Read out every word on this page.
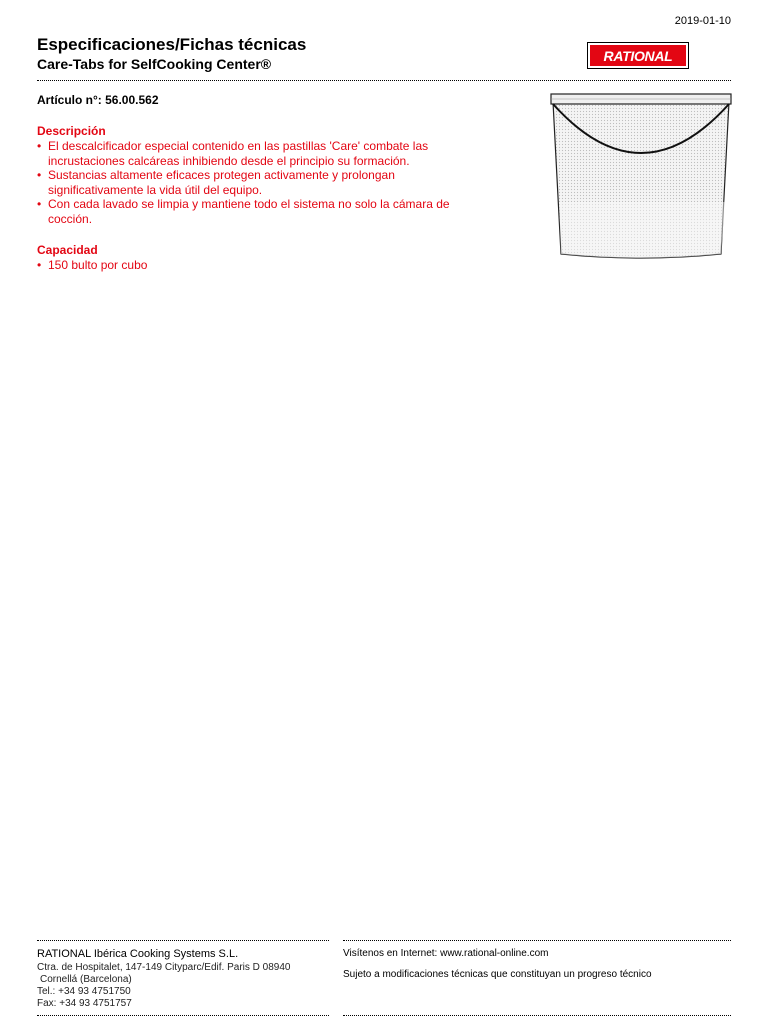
2019-01-10
Especificaciones/Fichas técnicas
Care-Tabs for SelfCooking Center®
RATIONAL
Artículo n°: 56.00.562
Descripción
• El descalcificador especial contenido en las pastillas 'Care' combate las incrustaciones calcáreas inhibiendo desde el principio su formación.
• Sustancias altamente eficaces protegen activamente y prolongan significativamente la vida útil del equipo.
• Con cada lavado se limpia y mantiene todo el sistema no solo la cámara de cocción.
Capacidad
• 150 bulto por cubo
RATIONAL Ibérica Cooking Systems S.L.
Ctra. de Hospitalet, 147-149 Cityparc/Edif. Paris D 08940
Cornellá (Barcelona)
Tel.: +34 93 4751750
Fax: +34 93 4751757
Visítenos en Internet: www.rational-online.com
Sujeto a modificaciones técnicas que constituyan un progreso técnico
